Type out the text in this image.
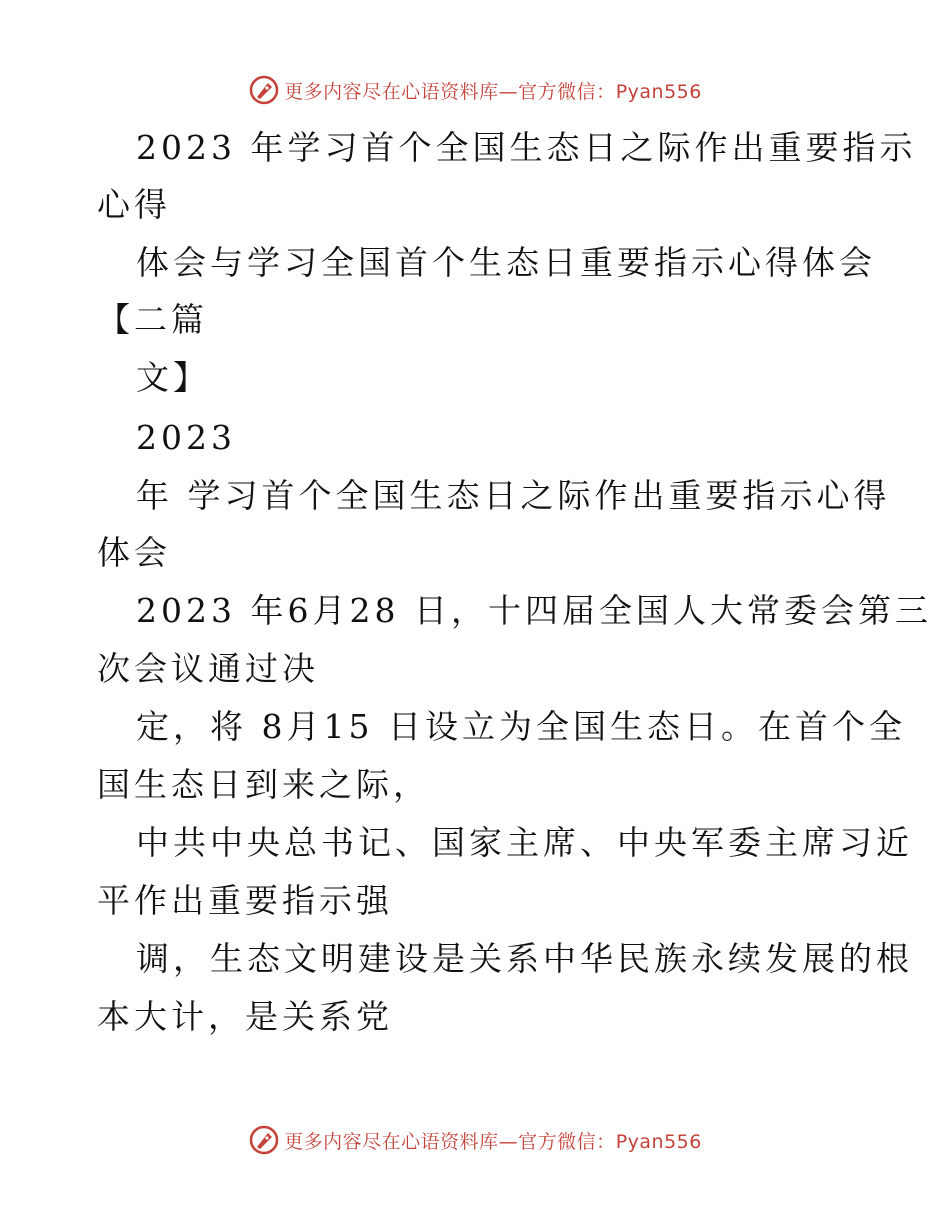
更多内容尽在心语资料库—官方微信：Pyan556
2023 年学习首个全国生态日之际作出重要指示
心得
体会与学习全国首个生态日重要指示心得体会
【二篇
文】
2023
年 学习首个全国生态日之际作出重要指示心得
体会
2023 年6月28 日，十四届全国人大常委会第三
次会议通过决
定，将 8月15 日设立为全国生态日。在首个全
国生态日到来之际，
中共中央总书记、国家主席、中央军委主席习近
平作出重要指示强
调，生态文明建设是关系中华民族永续发展的根
本大计，是关系党
更多内容尽在心语资料库—官方微信：Pyan556
